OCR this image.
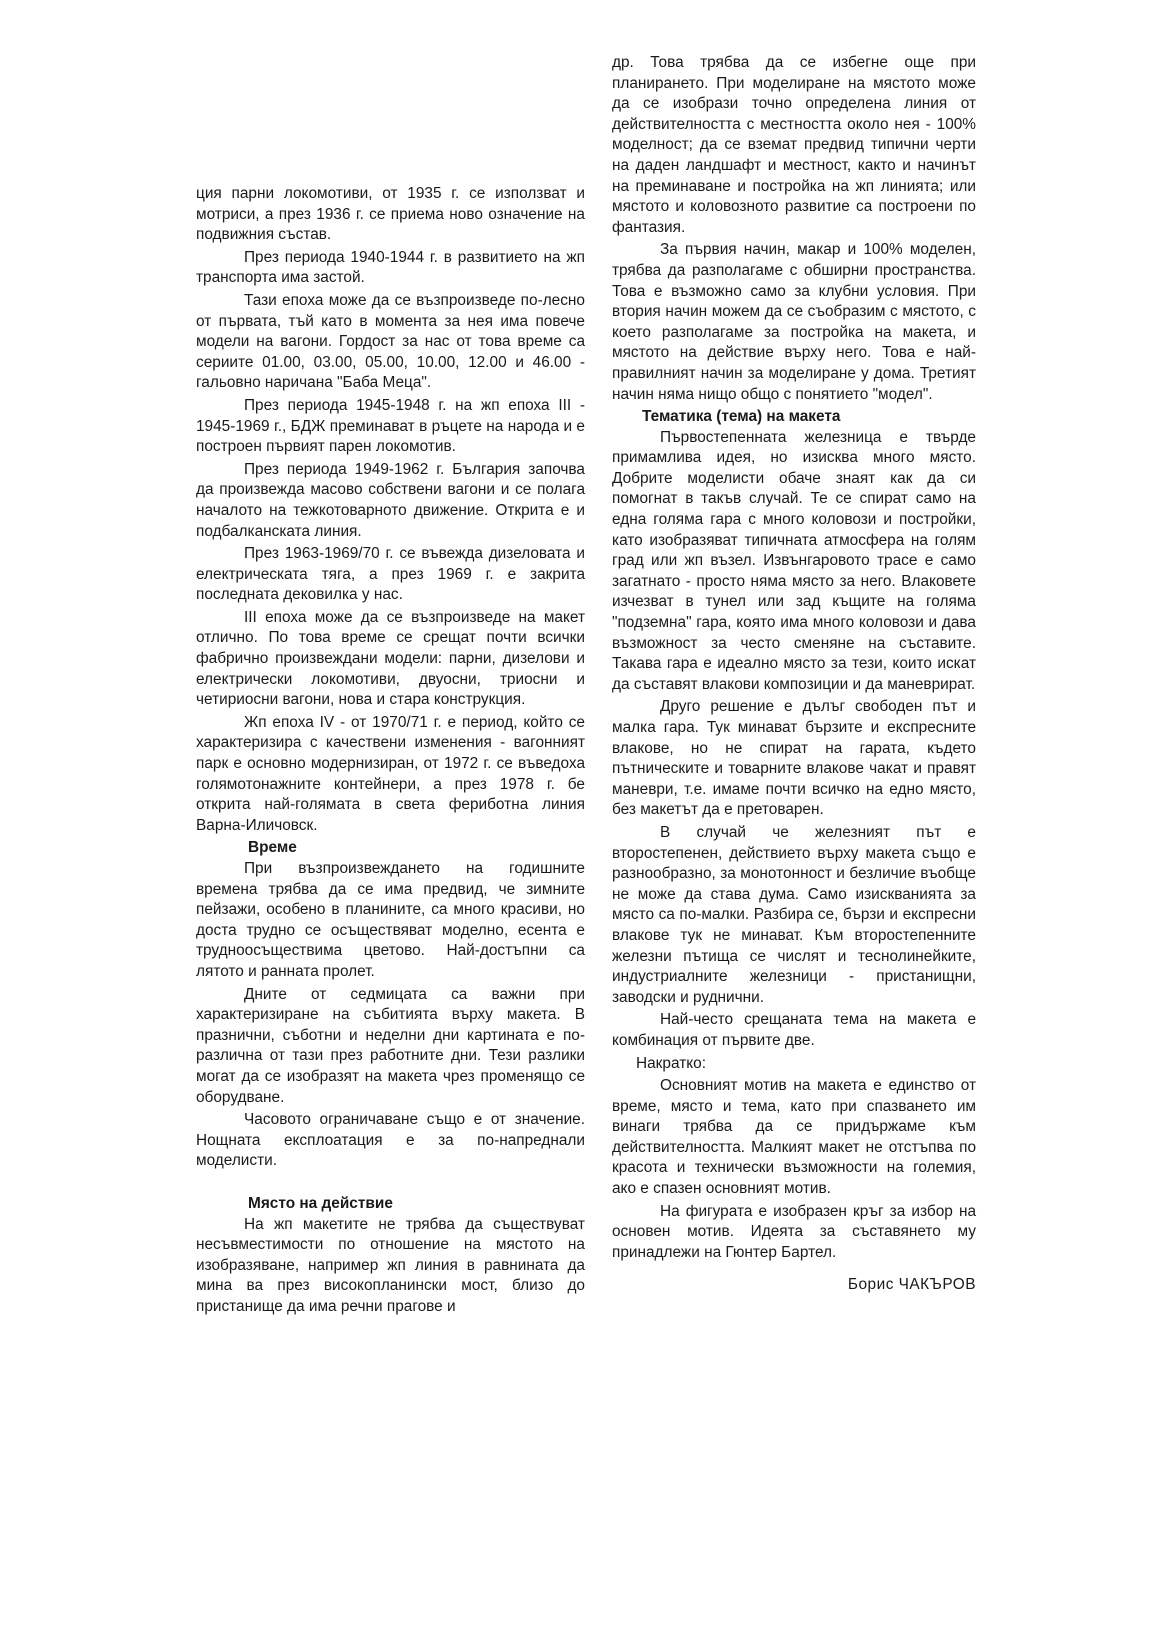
ция парни локомотиви, от 1935 г. се използват и мотриси, а през 1936 г. се приема ново означение на подвижния състав.

През периода 1940-1944 г. в развитието на жп транспорта има застой.

Тази епоха може да се възпроизведе по-лесно от първата, тъй като в момента за нея има повече модели на вагони. Гордост за нас от това време са сериите 01.00, 03.00, 05.00, 10.00, 12.00 и 46.00 - гальовно наричана "Баба Меца".

През периода 1945-1948 г. на жп епоха III - 1945-1969 г., БДЖ преминават в ръцете на народа и е построен първият парен локомотив.

През периода 1949-1962 г. България започва да произвежда масово собствени вагони и се полага началото на тежкотоварното движение. Открита е и подбалканската линия.

През 1963-1969/70 г. се въвежда дизеловата и електрическата тяга, а през 1969 г. е закрита последната дековилка у нас.

III епоха може да се възпроизведе на макет отлично. По това време се срещат почти всички фабрично произвеждани модели: парни, дизелови и електрически локомотиви, двуосни, триосни и четириосни вагони, нова и стара конструкция.

Жп епоха IV - от 1970/71 г. е период, който се характеризира с качествени изменения - вагонният парк е основно модернизиран, от 1972 г. се въведоха голямотонажните контейнери, а през 1978 г. бе открита най-голямата в света фериботна линия Варна-Иличовск.

Време

При възпроизвеждането на годишните времена трябва да се има предвид, че зимните пейзажи, особено в планините, са много красиви, но доста трудно се осъществяват моделно, есента е трудноосъществима цветово. Най-достъпни са лятото и ранната пролет.

Дните от седмицата са важни при характеризиране на събитията върху макета. В празнични, съботни и неделни дни картината е по-различна от тази през работните дни. Тези разлики могат да се изобразят на макета чрез променящо се оборудване.

Часовото ограничаване също е от значение. Нощната експлоатация е за по-напреднали моделисти.

Място на действие

На жп макетите не трябва да съществуват несъвместимости по отношение на мястото на изобразяване, например жп линия в равнината да мина ва през високопланински мост, близо до пристанище да има речни прагове и

др. Това трябва да се избегне още при планирането. При моделиране на мястото може да се изобрази точно определена линия от действителността с местността около нея - 100% моделност; да се вземат предвид типични черти на даден ландшафт и местност, както и начинът на преминаване и постройка на жп линията; или мястото и коловозното развитие са построени по фантазия.

За първия начин, макар и 100% моделен, трябва да разполагаме с обширни пространства. Това е възможно само за клубни условия. При втория начин можем да се съобразим с мястото, с което разполагаме за постройка на макета, и мястото на действие върху него. Това е най-правилният начин за моделиране у дома. Третият начин няма нищо общо с понятието "модел".

Тематика (тема) на макета

Първостепенната железница е твърде примамлива идея, но изисква много място. Добрите моделисти обаче знаят как да си помогнат в такъв случай. Те се спират само на една голяма гара с много коловози и постройки, като изобразяват типичната атмосфера на голям град или жп възел. Извънгаровото трасе е само загатнато - просто няма място за него. Влаковете изчезват в тунел или зад къщите на голяма "подземна" гара, която има много коловози и дава възможност за често сменяне на съставите. Такава гара е идеално място за тези, които искат да съставят влакови композиции и да маневрират.

Друго решение е дълъг свободен път и малка гара. Тук минават бързите и експресните влакове, но не спират на гарата, където пътническите и товарните влакове чакат и правят маневри, т.е. имаме почти всичко на едно място, без макетът да е претоварен.

В случай че железният път е второстепенен, действието върху макета също е разнообразно, за монотонност и безличие въобще не може да става дума. Само изискванията за място са по-малки. Разбира се, бързи и експресни влакове тук не минават. Към второстепенните железни пътища се числят и теснолинейките, индустриалните железници - пристанищни, заводски и руднични.

Най-често срещаната тема на макета е комбинация от първите две.

Накратко:

Основният мотив на макета е единство от време, място и тема, като при спазването им винаги трябва да се придържаме към действителността. Малкият макет не отстъпва по красота и технически възможности на големия, ако е спазен основният мотив.

На фигурата е изобразен кръг за избор на основен мотив. Идеята за съставянето му принадлежи на Гюнтер Бартел.

Борис ЧАКЪРОВ
